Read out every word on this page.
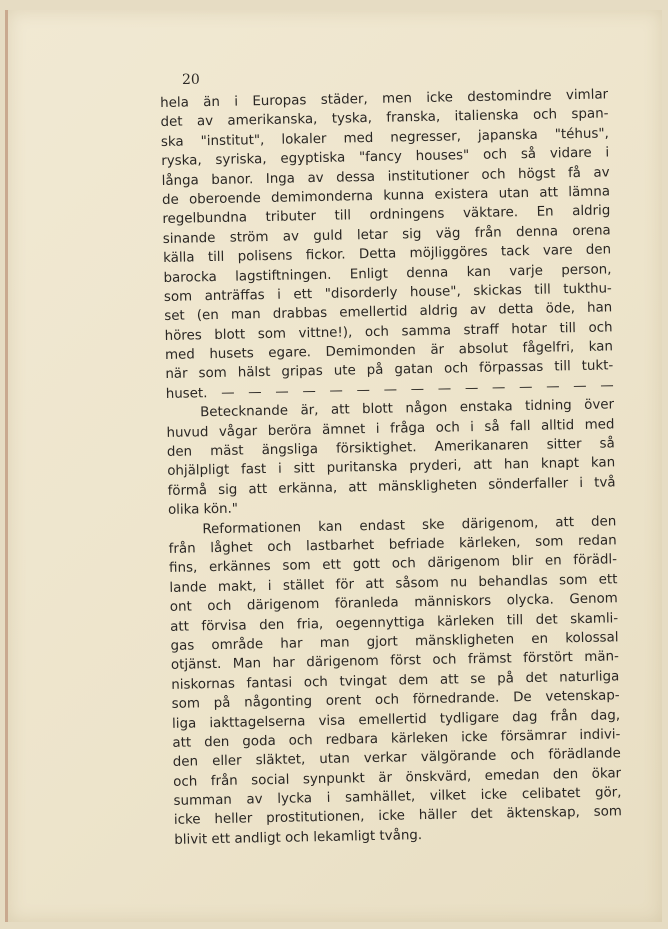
20
hela än i Europas städer, men icke destomindre vimlar
det av amerikanska, tyska, franska, italienska och span-
ska "institut", lokaler med negresser, japanska "téhus",
ryska, syriska, egyptiska "fancy houses" och så vidare i
långa banor. Inga av dessa institutioner och högst få av
de oberoende demimonderna kunna existera utan att lämna
regelbundna tributer till ordningens väktare. En aldrig
sinande ström av guld letar sig väg från denna orena
källa till polisens fickor. Detta möjliggöres tack vare den
barocka lagstiftningen. Enligt denna kan varje person,
som anträffas i ett "disorderly house", skickas till tukthu-
set (en man drabbas emellertid aldrig av detta öde, han
höres blott som vittne!), och samma straff hotar till och
med husets egare. Demimonden är absolut fågelfri, kan
när som hälst gripas ute på gatan och förpassas till tukt-
huset. — — — — — — — — — — — — — — —
Betecknande är, att blott någon enstaka tidning över
huvud vågar beröra ämnet i fråga och i så fall alltid med
den mäst ängsliga försiktighet. Amerikanaren sitter så
ohjälpligt fast i sitt puritanska pryderi, att han knapt kan
förmå sig att erkänna, att mänskligheten sönderfaller i två
olika kön."
Reformationen kan endast ske därigenom, att den
från låghet och lastbarhet befriade kärleken, som redan
fins, erkännes som ett gott och därigenom blir en förädl-
lande makt, i stället för att såsom nu behandlas som ett
ont och därigenom föranleda människors olycka. Genom
att förvisa den fria, oegennyttiga kärleken till det skamli-
gas område har man gjort mänskligheten en kolossal
otjänst. Man har därigenom först och främst förstört män-
niskornas fantasi och tvingat dem att se på det naturliga
som på någonting orent och förnedrande. De vetenskap-
liga iakttagelserna visa emellertid tydligare dag från dag,
att den goda och redbara kärleken icke försämrar indivi-
den eller släktet, utan verkar välgörande och förädlande
och från social synpunkt är önskvärd, emedan den ökar
summan av lycka i samhället, vilket icke celibatet gör,
icke heller prostitutionen, icke häller det äktenskap, som
blivit ett andligt och lekamligt tvång.
